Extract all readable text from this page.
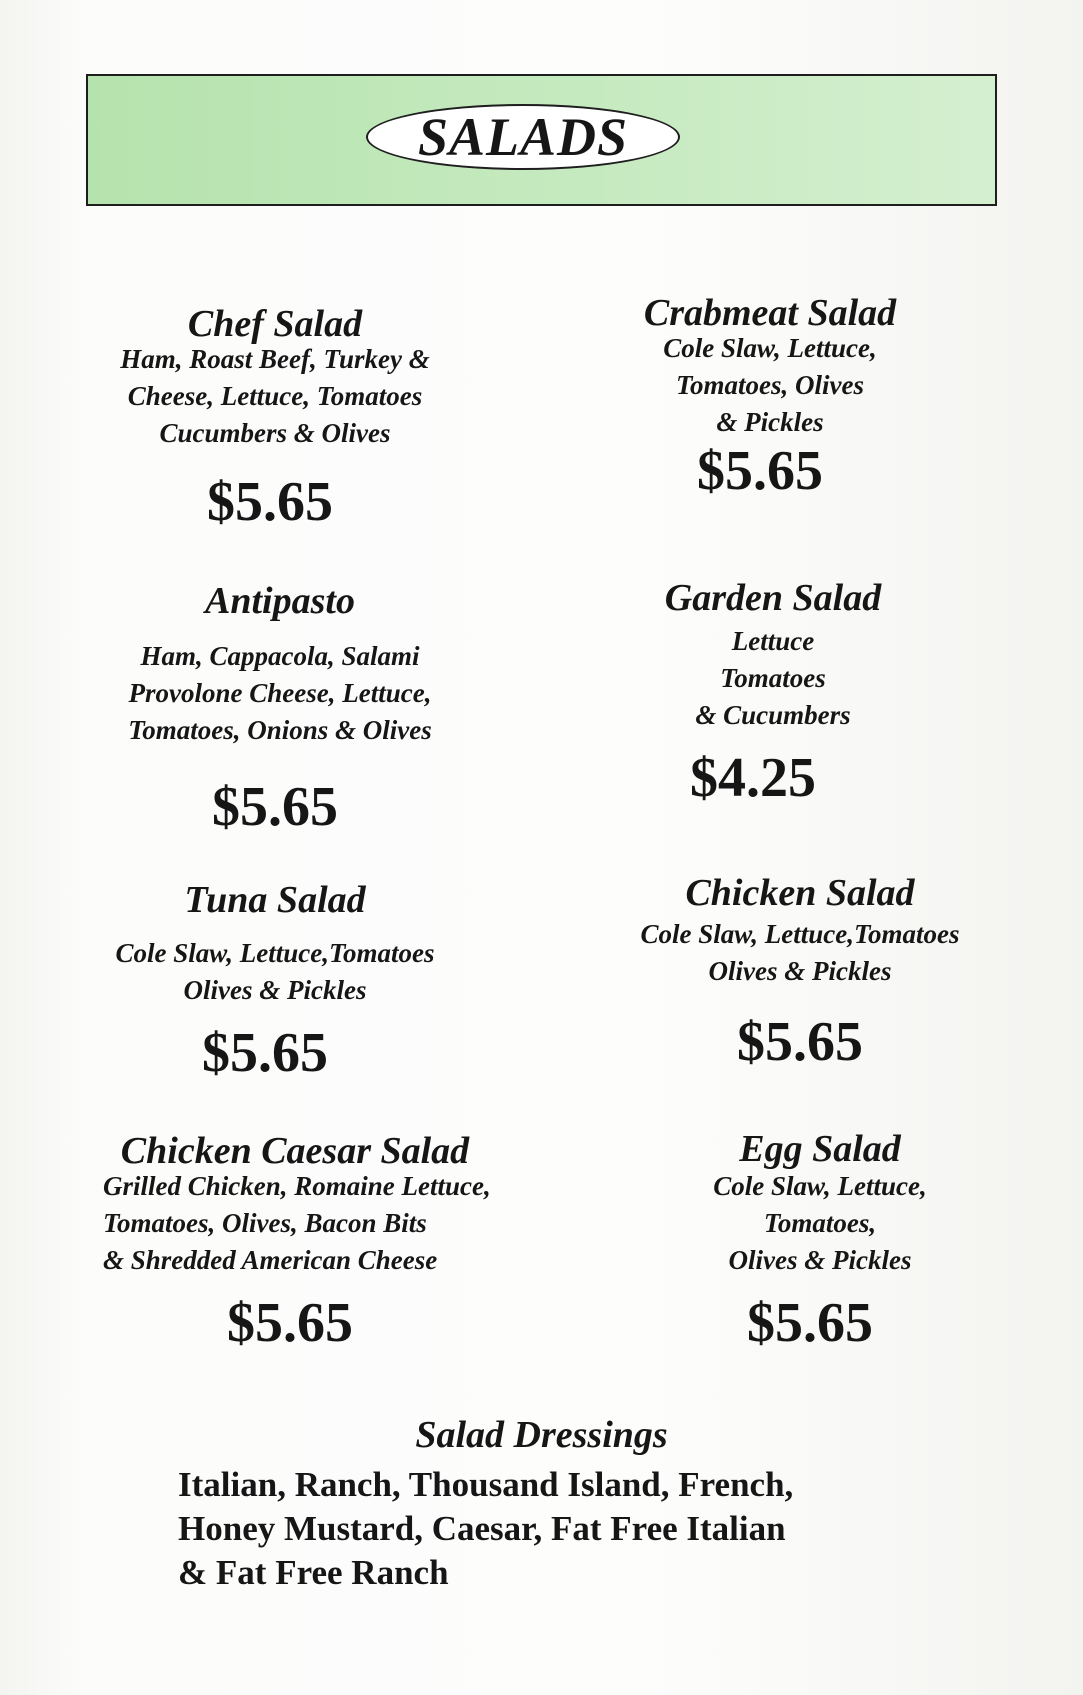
SALADS
Chef Salad
Ham, Roast Beef, Turkey &
Cheese, Lettuce, Tomatoes
Cucumbers & Olives
$5.65
Crabmeat Salad
Cole Slaw, Lettuce,
Tomatoes, Olives
& Pickles
$5.65
Antipasto
Ham, Cappacola, Salami
Provolone Cheese, Lettuce,
Tomatoes, Onions & Olives
$5.65
Garden Salad
Lettuce
Tomatoes
& Cucumbers
$4.25
Tuna Salad
Cole Slaw, Lettuce,Tomatoes
Olives & Pickles
$5.65
Chicken Salad
Cole Slaw, Lettuce,Tomatoes
Olives & Pickles
$5.65
Chicken Caesar Salad
Grilled Chicken, Romaine Lettuce,
Tomatoes, Olives, Bacon Bits
& Shredded American Cheese
$5.65
Egg Salad
Cole Slaw, Lettuce,
Tomatoes,
Olives & Pickles
$5.65
Salad Dressings
Italian, Ranch, Thousand Island, French,
Honey Mustard, Caesar, Fat Free Italian
& Fat Free Ranch
